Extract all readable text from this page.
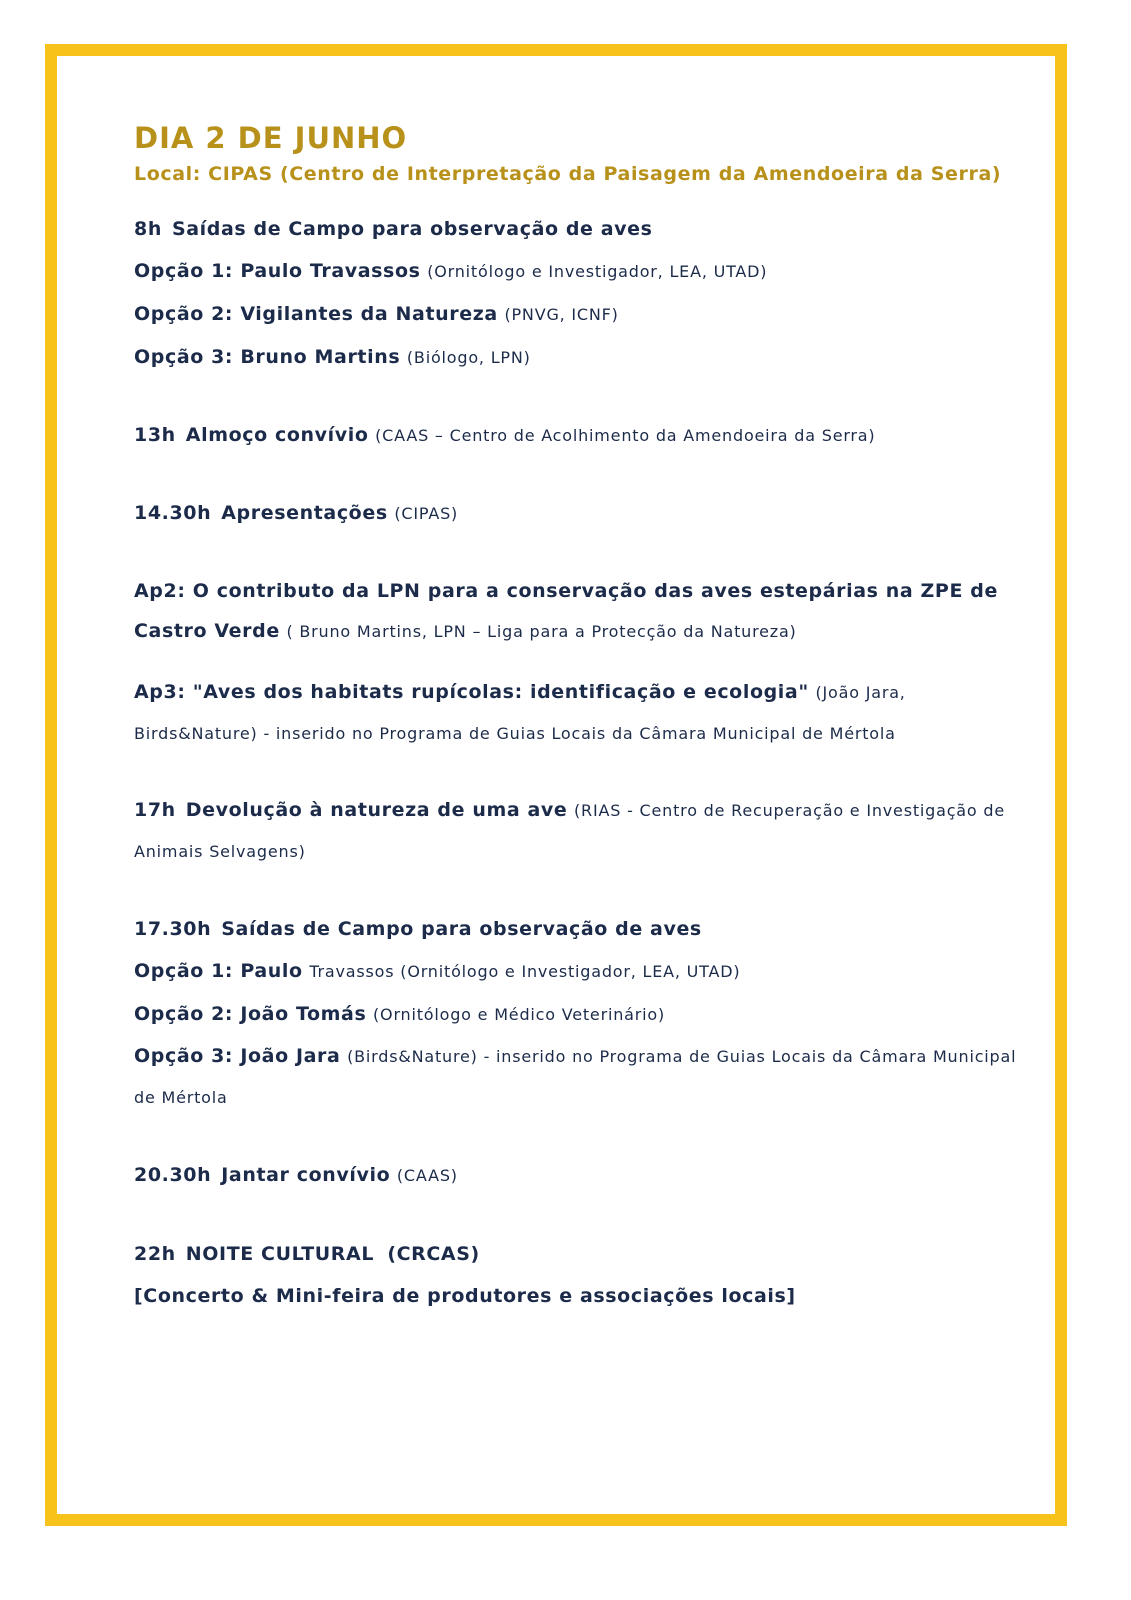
DIA 2 DE JUNHO

Local: CIPAS (Centro de Interpretação da Paisagem da Amendoeira da Serra)

8h Saídas de Campo para observação de aves

Opção 1: Paulo Travassos (Ornitólogo e Investigador, LEA, UTAD)

Opção 2: Vigilantes da Natureza (PNVG, ICNF)

Opção 3: Bruno Martins (Biólogo, LPN)

13h Almoço convívio (CAAS – Centro de Acolhimento da Amendoeira da Serra)

14.30h Apresentações (CIPAS)

Ap2: O contributo da LPN para a conservação das aves estepárias na ZPE de Castro Verde ( Bruno Martins, LPN – Liga para a Protecção da Natureza)

Ap3: "Aves dos habitats rupícolas: identificação e ecologia" (João Jara, Birds&Nature) - inserido no Programa de Guias Locais da Câmara Municipal de Mértola

17h Devolução à natureza de uma ave (RIAS - Centro de Recuperação e Investigação de Animais Selvagens)

17.30h Saídas de Campo para observação de aves

Opção 1: Paulo Travassos (Ornitólogo e Investigador, LEA, UTAD)

Opção 2: João Tomás (Ornitólogo e Médico Veterinário)

Opção 3: João Jara (Birds&Nature) - inserido no Programa de Guias Locais da Câmara Municipal de Mértola

20.30h Jantar convívio (CAAS)

22h NOITE CULTURAL (CRCAS)

[Concerto & Mini-feira de produtores e associações locais]
